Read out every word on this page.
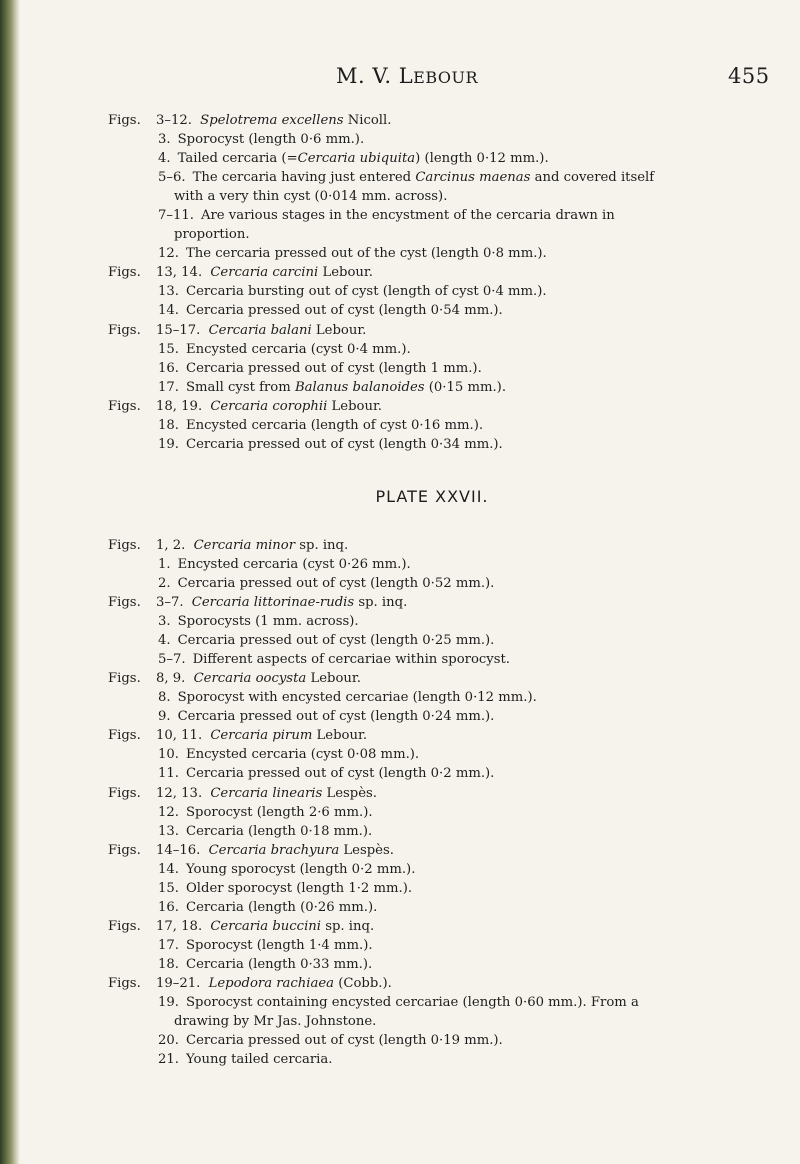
M. V. LEBOUR	455
Figs. 3–12. Spelotrema excellens Nicoll.
3. Sporocyst (length 0·6 mm.).
4. Tailed cercaria (=Cercaria ubiquita) (length 0·12 mm.).
5–6. The cercaria having just entered Carcinus maenas and covered itself
with a very thin cyst (0·014 mm. across).
7–11. Are various stages in the encystment of the cercaria drawn in
proportion.
12. The cercaria pressed out of the cyst (length 0·8 mm.).
Figs. 13, 14. Cercaria carcini Lebour.
13. Cercaria bursting out of cyst (length of cyst 0·4 mm.).
14. Cercaria pressed out of cyst (length 0·54 mm.).
Figs. 15–17. Cercaria balani Lebour.
15. Encysted cercaria (cyst 0·4 mm.).
16. Cercaria pressed out of cyst (length 1 mm.).
17. Small cyst from Balanus balanoides (0·15 mm.).
Figs. 18, 19. Cercaria corophii Lebour.
18. Encysted cercaria (length of cyst 0·16 mm.).
19. Cercaria pressed out of cyst (length 0·34 mm.).
PLATE XXVII.
Figs. 1, 2. Cercaria minor sp. inq.
1. Encysted cercaria (cyst 0·26 mm.).
2. Cercaria pressed out of cyst (length 0·52 mm.).
Figs. 3–7. Cercaria littorinae-rudis sp. inq.
3. Sporocysts (1 mm. across).
4. Cercaria pressed out of cyst (length 0·25 mm.).
5–7. Different aspects of cercariae within sporocyst.
Figs. 8, 9. Cercaria oocysta Lebour.
8. Sporocyst with encysted cercariae (length 0·12 mm.).
9. Cercaria pressed out of cyst (length 0·24 mm.).
Figs. 10, 11. Cercaria pirum Lebour.
10. Encysted cercaria (cyst 0·08 mm.).
11. Cercaria pressed out of cyst (length 0·2 mm.).
Figs. 12, 13. Cercaria linearis Lespès.
12. Sporocyst (length 2·6 mm.).
13. Cercaria (length 0·18 mm.).
Figs. 14–16. Cercaria brachyura Lespès.
14. Young sporocyst (length 0·2 mm.).
15. Older sporocyst (length 1·2 mm.).
16. Cercaria (length (0·26 mm.).
Figs. 17, 18. Cercaria buccini sp. inq.
17. Sporocyst (length 1·4 mm.).
18. Cercaria (length 0·33 mm.).
Figs. 19–21. Lepodora rachiaea (Cobb.).
19. Sporocyst containing encysted cercariae (length 0·60 mm.). From a
drawing by Mr Jas. Johnstone.
20. Cercaria pressed out of cyst (length 0·19 mm.).
21. Young tailed cercaria.
